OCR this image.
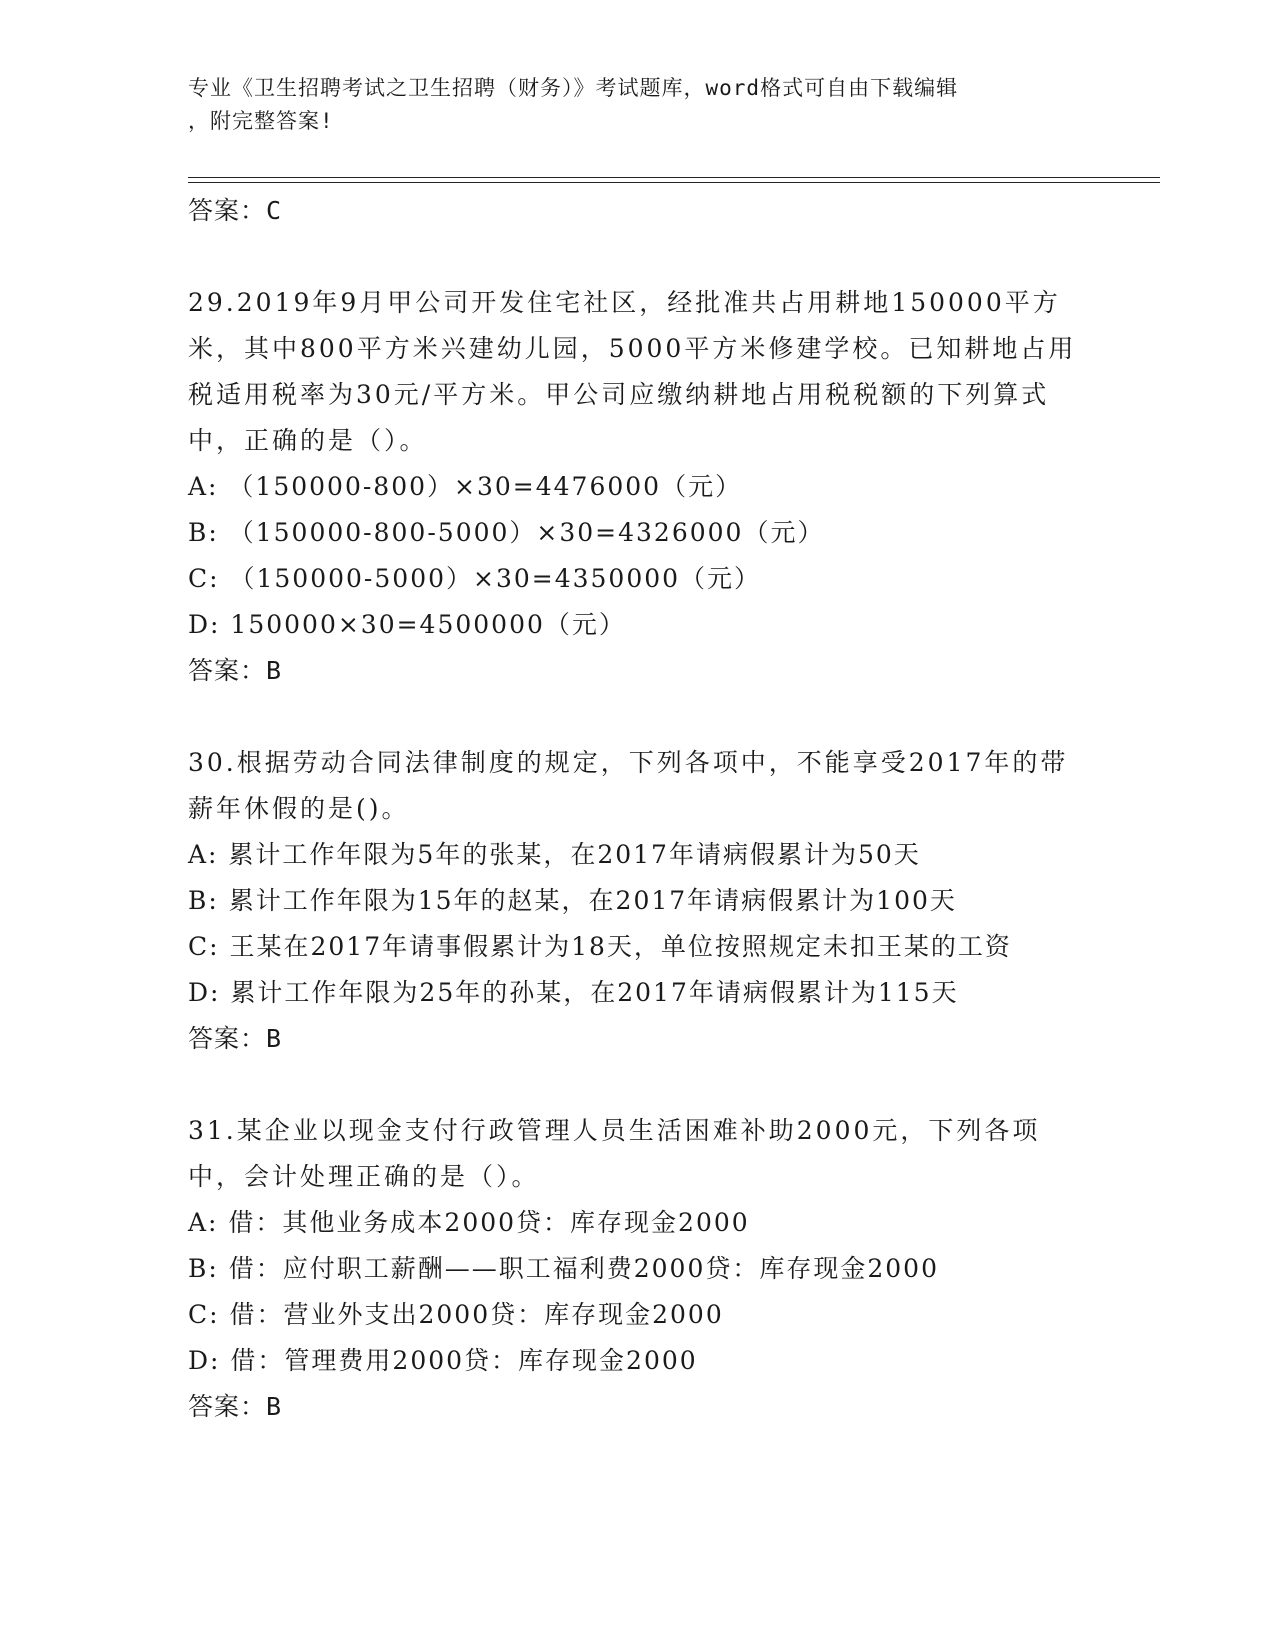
专业《卫生招聘考试之卫生招聘（财务）》考试题库，word格式可自由下载编辑
，附完整答案!
答案：C
29.2019年9月甲公司开发住宅社区，经批准共占用耕地150000平方米，其中800平方米兴建幼儿园，5000平方米修建学校。已知耕地占用税适用税率为30元/平方米。甲公司应缴纳耕地占用税税额的下列算式中，正确的是（）。
A: （150000-800）×30=4476000（元）
B: （150000-800-5000）×30=4326000（元）
C: （150000-5000）×30=4350000（元）
D: 150000×30=4500000（元）
答案：B
30.根据劳动合同法律制度的规定，下列各项中，不能享受2017年的带薪年休假的是()。
A: 累计工作年限为5年的张某，在2017年请病假累计为50天
B: 累计工作年限为15年的赵某，在2017年请病假累计为100天
C: 王某在2017年请事假累计为18天，单位按照规定未扣王某的工资
D: 累计工作年限为25年的孙某，在2017年请病假累计为115天
答案：B
31.某企业以现金支付行政管理人员生活困难补助2000元，下列各项中，会计处理正确的是（）。
A: 借：其他业务成本2000贷：库存现金2000
B: 借：应付职工薪酬——职工福利费2000贷：库存现金2000
C: 借：营业外支出2000贷：库存现金2000
D: 借：管理费用2000贷：库存现金2000
答案：B
